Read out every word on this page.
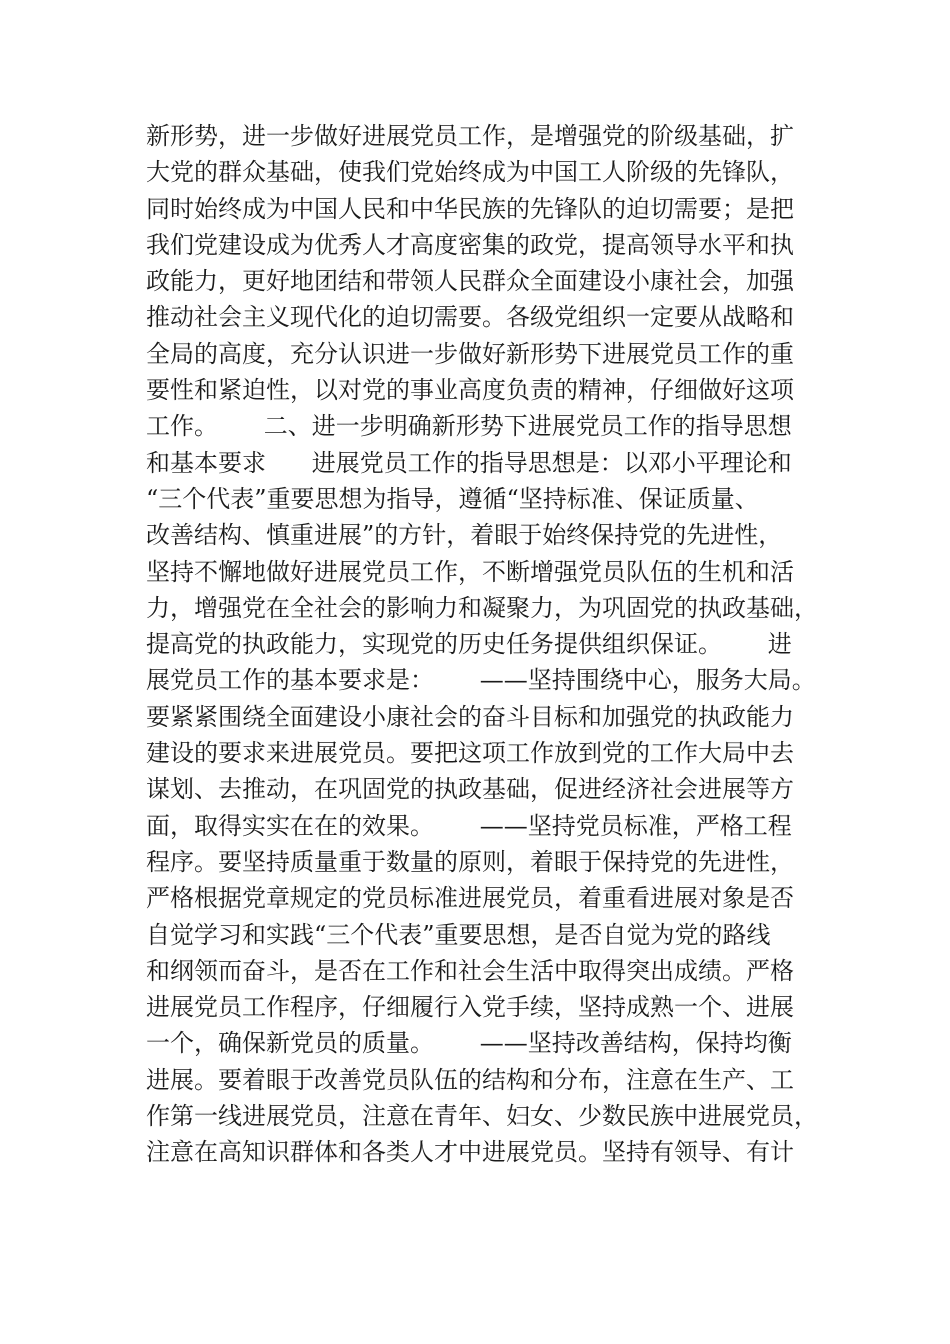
新形势，进一步做好进展党员工作，是增强党的阶级基础，扩
大党的群众基础，使我们党始终成为中国工人阶级的先锋队，
同时始终成为中国人民和中华民族的先锋队的迫切需要；是把
我们党建设成为优秀人才高度密集的政党，提高领导水平和执
政能力，更好地团结和带领人民群众全面建设小康社会，加强
推动社会主义现代化的迫切需要。各级党组织一定要从战略和
全局的高度，充分认识进一步做好新形势下进展党员工作的重
要性和紧迫性，以对党的事业高度负责的精神，仔细做好这项
工作。      二、进一步明确新形势下进展党员工作的指导思想
和基本要求      进展党员工作的指导思想是：以邓小平理论和
“三个代表”重要思想为指导，遵循“坚持标准、保证质量、
改善结构、慎重进展”的方针，着眼于始终保持党的先进性，
坚持不懈地做好进展党员工作，不断增强党员队伍的生机和活
力，增强党在全社会的影响力和凝聚力，为巩固党的执政基础，
提高党的执政能力，实现党的历史任务提供组织保证。      进
展党员工作的基本要求是：      ——坚持围绕中心，服务大局。
要紧紧围绕全面建设小康社会的奋斗目标和加强党的执政能力
建设的要求来进展党员。要把这项工作放到党的工作大局中去
谋划、去推动，在巩固党的执政基础，促进经济社会进展等方
面，取得实实在在的效果。      ——坚持党员标准，严格工程
程序。要坚持质量重于数量的原则，着眼于保持党的先进性，
严格根据党章规定的党员标准进展党员，着重看进展对象是否
自觉学习和实践“三个代表”重要思想，是否自觉为党的路线
和纲领而奋斗，是否在工作和社会生活中取得突出成绩。严格
进展党员工作程序，仔细履行入党手续，坚持成熟一个、进展
一个，确保新党员的质量。      ——坚持改善结构，保持均衡
进展。要着眼于改善党员队伍的结构和分布，注意在生产、工
作第一线进展党员，注意在青年、妇女、少数民族中进展党员，
注意在高知识群体和各类人才中进展党员。坚持有领导、有计
